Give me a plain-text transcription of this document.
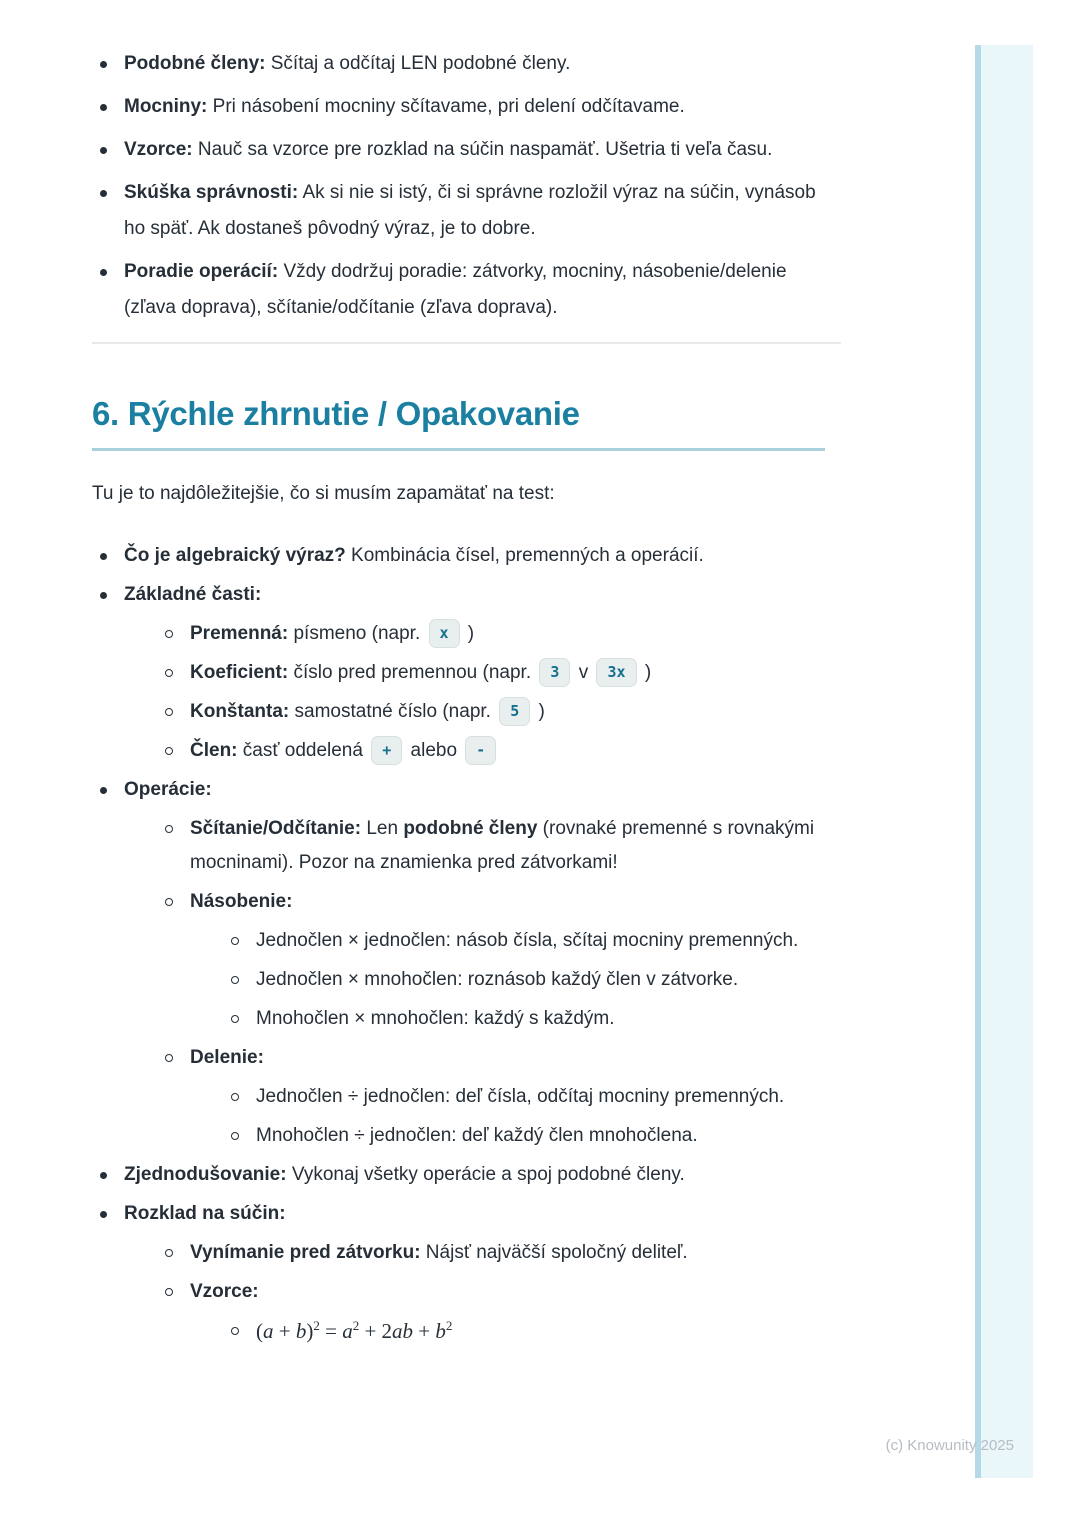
Podobné členy: Sčítaj a odčítaj LEN podobné členy.
Mocniny: Pri násobení mocniny sčítavame, pri delení odčítavame.
Vzorce: Nauč sa vzorce pre rozklad na súčin naspamäť. Ušetria ti veľa času.
Skúška správnosti: Ak si nie si istý, či si správne rozložil výraz na súčin, vynásob ho späť. Ak dostaneš pôvodný výraz, je to dobre.
Poradie operácií: Vždy dodržuj poradie: zátvorky, mocniny, násobenie/delenie (zľava doprava), sčítanie/odčítanie (zľava doprava).
6. Rýchle zhrnutie / Opakovanie

Tu je to najdôležitejšie, čo si musím zapamätať na test:

Čo je algebraický výraz? Kombinácia čísel, premenných a operácií.
Základné časti:
Premenná: písmeno (napr. x )
Koeficient: číslo pred premennou (napr. 3 v 3x )
Konštanta: samostatné číslo (napr. 5 )
Člen: časť oddelená + alebo -
Operácie:
Sčítanie/Odčítanie: Len podobné členy (rovnaké premenné s rovnakými mocninami). Pozor na znamienka pred zátvorkami!
Násobenie:
Jednočlen × jednočlen: násob čísla, sčítaj mocniny premenných.
Jednočlen × mnohočlen: roznásob každý člen v zátvorke.
Mnohočlen × mnohočlen: každý s každým.
Delenie:
Jednočlen ÷ jednočlen: deľ čísla, odčítaj mocniny premenných.
Mnohočlen ÷ jednočlen: deľ každý člen mnohočlena.
Zjednodušovanie: Vykonaj všetky operácie a spoj podobné členy.
Rozklad na súčin:
Vynímanie pred zátvorku: Nájsť najväčší spoločný deliteľ.
Vzorce:
$(a + b)^2 = a^2 + 2ab + b^2$
(c) Knowunity 2025
